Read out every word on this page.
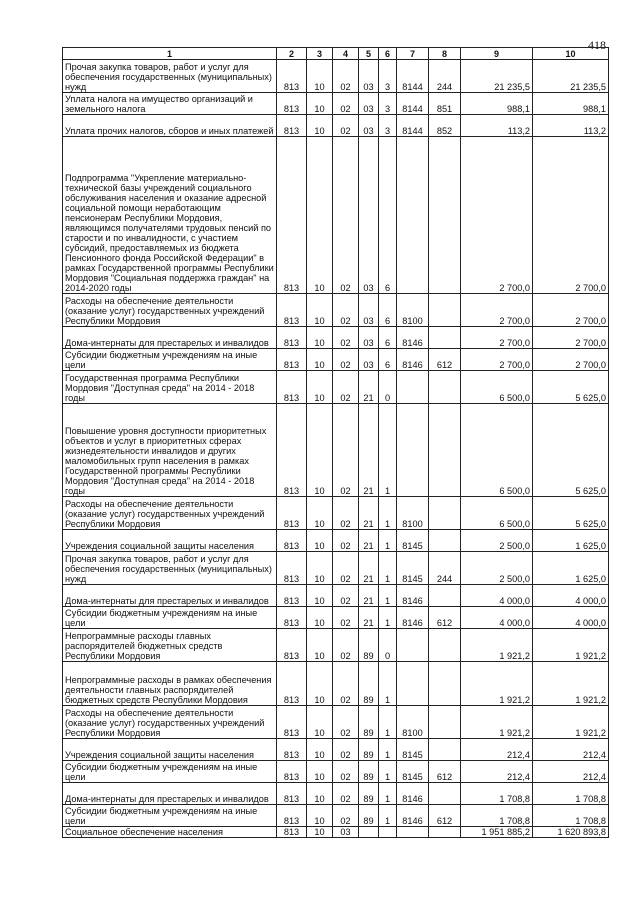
418
1	2	3	4	5	6	7	8	9	10
Прочая закупка товаров, работ и услуг для обеспечения государственных (муниципальных) нужд	813	10	02	03	3	8144	244	21 235,5	21 235,5
Уплата налога на имущество организаций и земельного налога	813	10	02	03	3	8144	851	988,1	988,1
Уплата прочих налогов, сборов и иных платежей	813	10	02	03	3	8144	852	113,2	113,2
Подпрограмма "Укрепление материально-технической базы учреждений социального обслуживания населения и оказание адресной социальной помощи неработающим пенсионерам Республики Мордовия, являющимся получателями трудовых пенсий по старости и по инвалидности, с участием субсидий, предоставляемых из бюджета Пенсионного фонда Российской Федерации" в рамках Государственной программы Республики Мордовия "Социальная поддержка граждан" на 2014-2020 годы	813	10	02	03	6			2 700,0	2 700,0
Расходы на обеспечение деятельности (оказание услуг) государственных учреждений Республики Мордовия	813	10	02	03	6	8100		2 700,0	2 700,0
Дома-интернаты для престарелых и инвалидов	813	10	02	03	6	8146		2 700,0	2 700,0
Субсидии бюджетным учреждениям на иные цели	813	10	02	03	6	8146	612	2 700,0	2 700,0
Государственная программа Республики Мордовия "Доступная среда" на 2014 - 2018 годы	813	10	02	21	0			6 500,0	5 625,0
Повышение уровня доступности приоритетных объектов и услуг в приоритетных сферах жизнедеятельности инвалидов и других маломобильных групп населения в рамках Государственной программы Республики Мордовия "Доступная среда" на 2014 - 2018 годы	813	10	02	21	1			6 500,0	5 625,0
Расходы на обеспечение деятельности (оказание услуг) государственных учреждений Республики Мордовия	813	10	02	21	1	8100		6 500,0	5 625,0
Учреждения социальной защиты населения	813	10	02	21	1	8145		2 500,0	1 625,0
Прочая закупка товаров, работ и услуг для обеспечения государственных (муниципальных) нужд	813	10	02	21	1	8145	244	2 500,0	1 625,0
Дома-интернаты для престарелых и инвалидов	813	10	02	21	1	8146		4 000,0	4 000,0
Субсидии бюджетным учреждениям на иные цели	813	10	02	21	1	8146	612	4 000,0	4 000,0
Непрограммные расходы главных распорядителей бюджетных средств Республики Мордовия	813	10	02	89	0			1 921,2	1 921,2
Непрограммные расходы в рамках обеспечения деятельности главных распорядителей бюджетных средств Республики Мордовия	813	10	02	89	1			1 921,2	1 921,2
Расходы на обеспечение деятельности (оказание услуг) государственных учреждений Республики Мордовия	813	10	02	89	1	8100		1 921,2	1 921,2
Учреждения социальной защиты населения	813	10	02	89	1	8145		212,4	212,4
Субсидии бюджетным учреждениям на иные цели	813	10	02	89	1	8145	612	212,4	212,4
Дома-интернаты для престарелых и инвалидов	813	10	02	89	1	8146		1 708,8	1 708,8
Субсидии бюджетным учреждениям на иные цели	813	10	02	89	1	8146	612	1 708,8	1 708,8
Социальное обеспечение населения	813	10	03					1 951 885,2	1 620 893,8
